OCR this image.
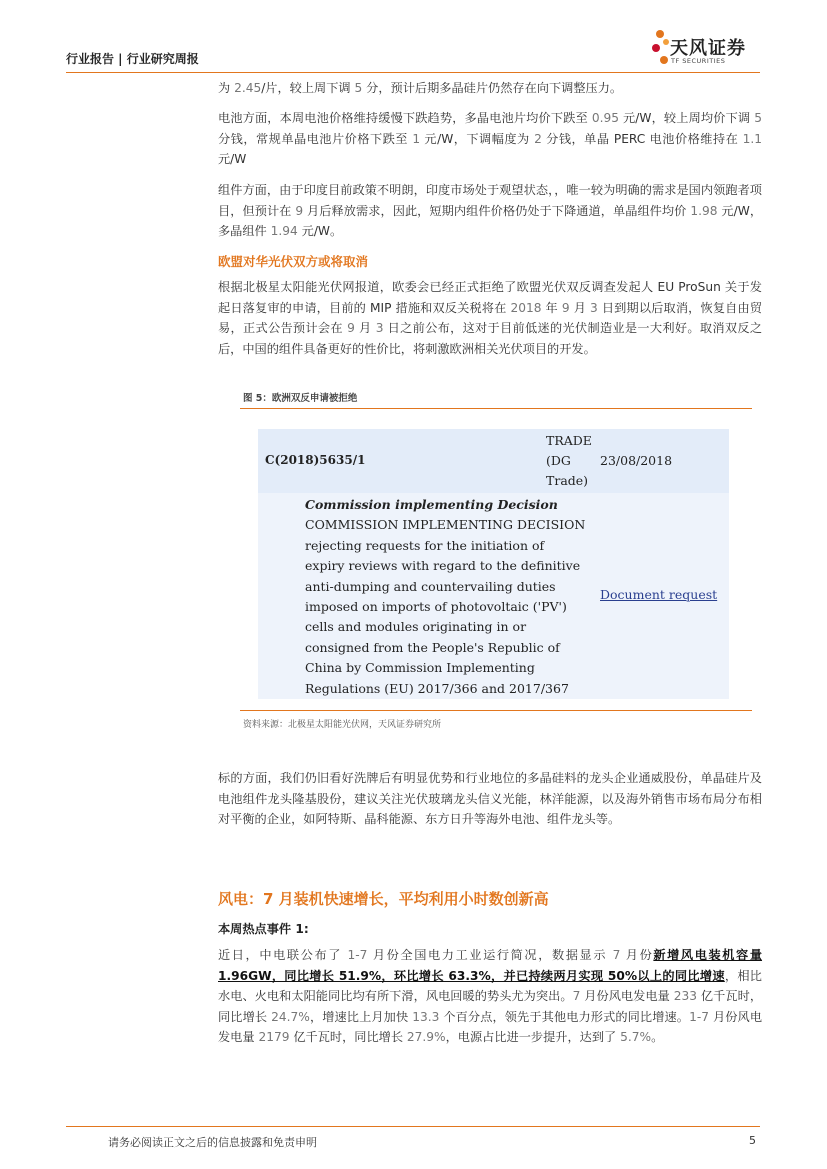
行业报告 | 行业研究周报	天风证券
TF SECURITIES
为 2.45/片，较上周下调 5 分，预计后期多晶硅片仍然存在向下调整压力。
电池方面，本周电池价格维持缓慢下跌趋势，多晶电池片均价下跌至 0.95 元/W，较上周均价下调 5 分钱，常规单晶电池片价格下跌至 1 元/W，下调幅度为 2 分钱，单晶 PERC 电池价格维持在 1.1 元/W
组件方面，由于印度目前政策不明朗，印度市场处于观望状态，，唯一较为明确的需求是国内领跑者项目，但预计在 9 月后释放需求，因此，短期内组件价格仍处于下降通道，单晶组件均价 1.98 元/W，多晶组件 1.94 元/W。
欧盟对华光伏双方或将取消
根据北极星太阳能光伏网报道，欧委会已经正式拒绝了欧盟光伏双反调查发起人 EU ProSun 关于发起日落复审的申请，目前的 MIP 措施和双反关税将在 2018 年 9 月 3 日到期以后取消，恢复自由贸易，正式公告预计会在 9 月 3 日之前公布，这对于目前低迷的光伏制造业是一大利好。取消双反之后，中国的组件具备更好的性价比，将刺激欧洲相关光伏项目的开发。
图 5：欧洲双反申请被拒绝
C(2018)5635/1
TRADE
(DG
Trade)
23/08/2018
Commission implementing Decision
COMMISSION IMPLEMENTING DECISION
rejecting requests for the initiation of
expiry reviews with regard to the definitive
anti-dumping and countervailing duties
imposed on imports of photovoltaic ('PV')
cells and modules originating in or
consigned from the People's Republic of
China by Commission Implementing
Regulations (EU) 2017/366 and 2017/367
Document request
资料来源：北极星太阳能光伏网，天风证券研究所
标的方面，我们仍旧看好洗牌后有明显优势和行业地位的多晶硅料的龙头企业通威股份，单晶硅片及电池组件龙头隆基股份，建议关注光伏玻璃龙头信义光能，林洋能源，以及海外销售市场布局分布相对平衡的企业，如阿特斯、晶科能源、东方日升等海外电池、组件龙头等。
风电：7 月装机快速增长，平均利用小时数创新高
本周热点事件 1:
近日，中电联公布了 1-7 月份全国电力工业运行简况，数据显示 7 月份新增风电装机容量 1.96GW，同比增长 51.9%，环比增长 63.3%，并已持续两月实现 50%以上的同比增速，相比水电、火电和太阳能同比均有所下滑，风电回暖的势头尤为突出。7 月份风电发电量 233 亿千瓦时，同比增长 24.7%，增速比上月加快 13.3 个百分点，领先于其他电力形式的同比增速。1-7 月份风电发电量 2179 亿千瓦时，同比增长 27.9%，电源占比进一步提升，达到了 5.7%。
请务必阅读正文之后的信息披露和免责申明	5
